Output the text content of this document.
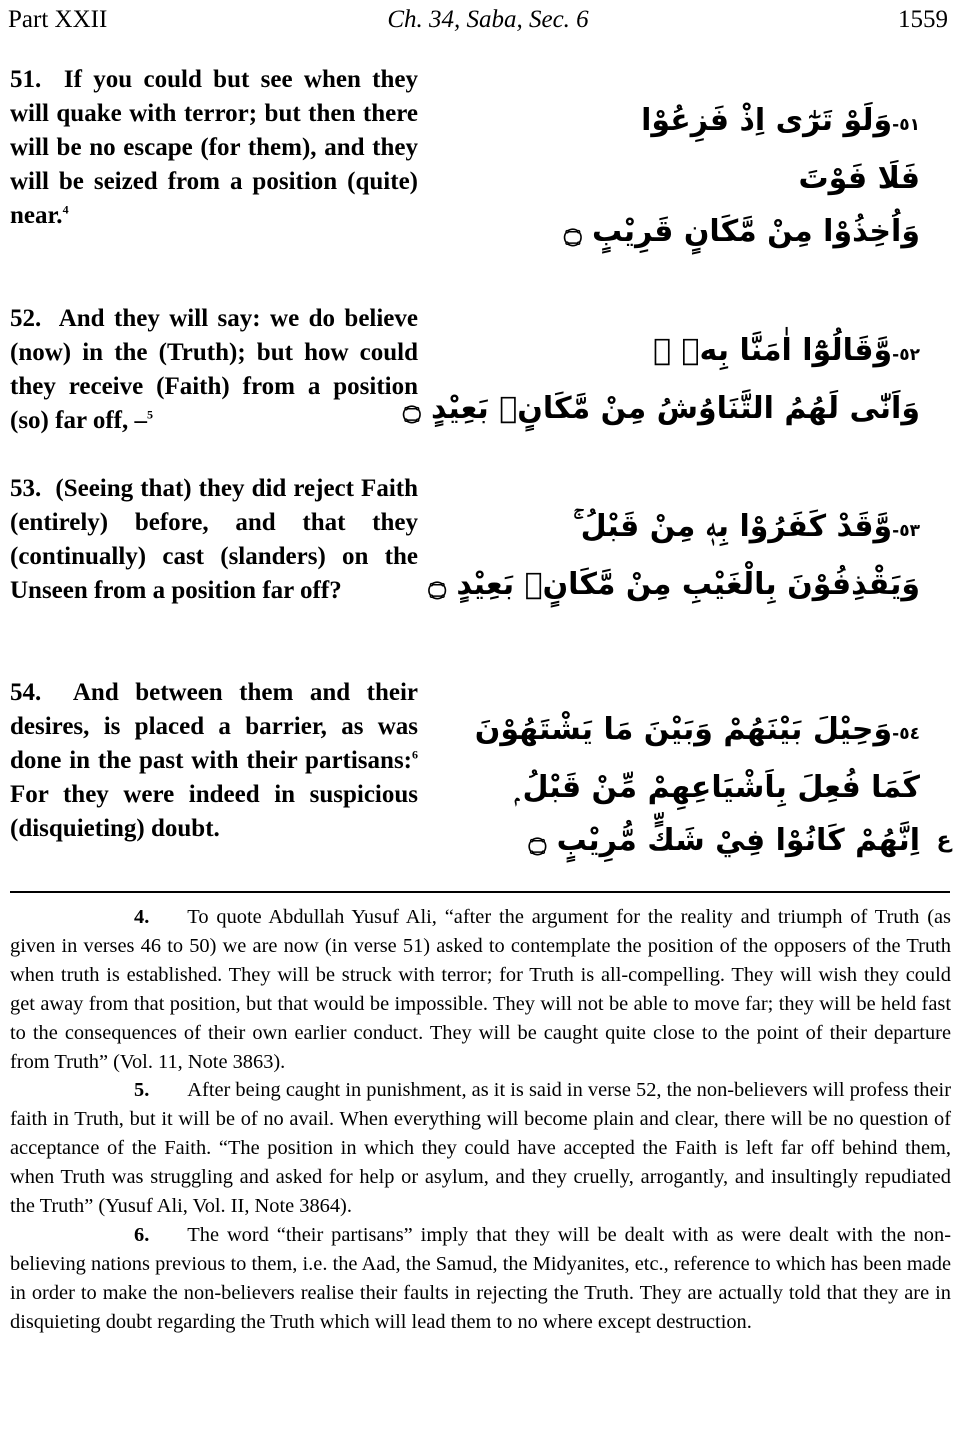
Part XXII	Ch. 34, Saba, Sec. 6	1559

51. If you could but see when they will quake with terror; but then there will be no escape (for them), and they will be seized from a position (quite) near.$^4$

٥١-وَلَوْ تَرٰٓى اِذْ فَزِعُوْا
فَلَا فَوْتَ
وَاُخِذُوْا مِنْ مَّكَانٍ قَرِيْبٍ ۝

52. And they will say: we do believe (now) in the (Truth); but how could they receive (Faith) from a position (so) far off, –$^5$

٥٢-وَّقَالُوْٓا اٰمَنَّا بِهٖ ۚ
وَاَنّٰى لَهُمُ التَّنَاوُشُ مِنْ مَّكَانٍۢ بَعِيْدٍ ۝

53. (Seeing that) they did reject Faith (entirely) before, and that they (continually) cast (slanders) on the Unseen from a position far off?

٥٣-وَّقَدْ كَفَرُوْا بِهٖ مِنْ قَبْلُ ۚ
وَيَقْذِفُوْنَ بِالْغَيْبِ مِنْ مَّكَانٍۢ بَعِيْدٍ ۝

54. And between them and their desires, is placed a barrier, as was done in the past with their partisans:$^6$ For they were indeed in suspicious (disquieting) doubt.

٥٤-وَحِيْلَ بَيْنَهُمْ وَبَيْنَ مَا يَشْتَهُوْنَ
كَمَا فُعِلَ بِاَشْيَاعِهِمْ مِّنْ قَبْلُ ۭ
اِنَّهُمْ كَانُوْا فِيْ شَكٍّ مُّرِيْبٍ ۝ ع

4. To quote Abdullah Yusuf Ali, “after the argument for the reality and triumph of Truth (as given in verses 46 to 50) we are now (in verse 51) asked to contemplate the position of the opposers of the Truth when truth is established. They will be struck with terror; for Truth is all-compelling. They will wish they could get away from that position, but that would be impossible. They will not be able to move far; they will be held fast to the consequences of their own earlier conduct. They will be caught quite close to the point of their departure from Truth” (Vol. 11, Note 3863).

5. After being caught in punishment, as it is said in verse 52, the non-believers will profess their faith in Truth, but it will be of no avail. When everything will become plain and clear, there will be no question of acceptance of the Faith. “The position in which they could have accepted the Faith is left far off behind them, when Truth was struggling and asked for help or asylum, and they cruelly, arrogantly, and insultingly repudiated the Truth” (Yusuf Ali, Vol. II, Note 3864).

6. The word “their partisans” imply that they will be dealt with as were dealt with the non-believing nations previous to them, i.e. the Aad, the Samud, the Midyanites, etc., reference to which has been made in order to make the non-believers realise their faults in rejecting the Truth. They are actually told that they are in disquieting doubt regarding the Truth which will lead them to no where except destruction.
